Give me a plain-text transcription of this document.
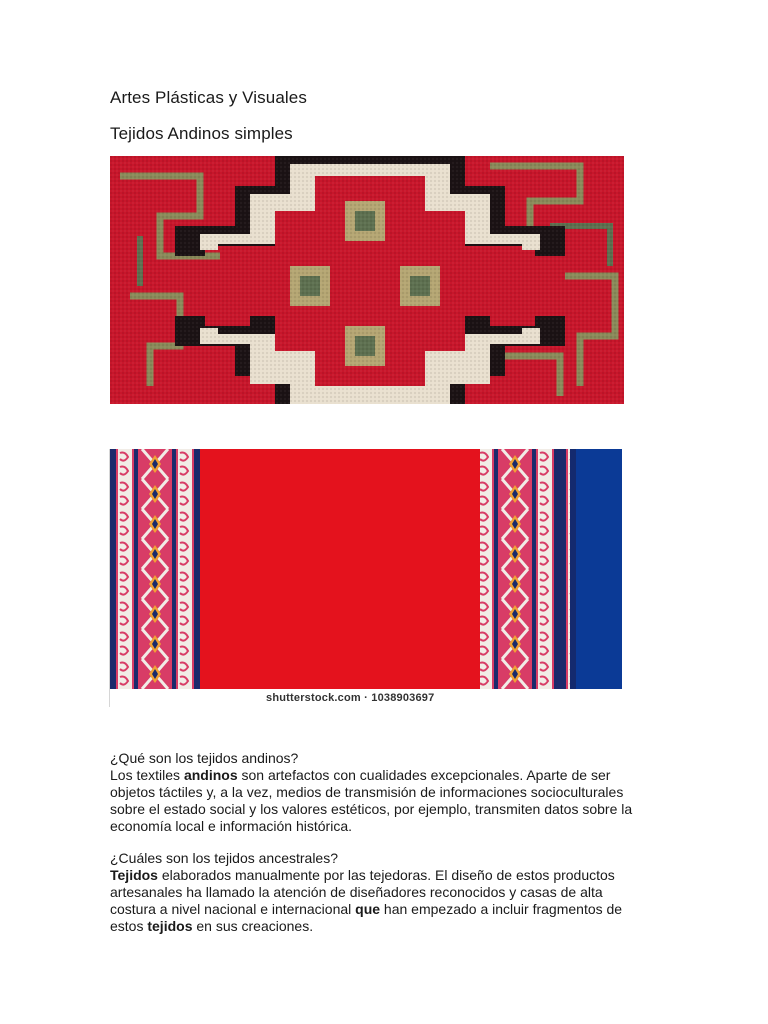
Artes Plásticas y Visuales
Tejidos Andinos simples
shutterstock.com · 1038903697
¿Qué son los tejidos andinos?
Los textiles andinos son artefactos con cualidades excepcionales. Aparte de ser objetos táctiles y, a la vez, medios de transmisión de informaciones socioculturales sobre el estado social y los valores estéticos, por ejemplo, transmiten datos sobre la economía local e información histórica.
¿Cuáles son los tejidos ancestrales?
Tejidos elaborados manualmente por las tejedoras. El diseño de estos productos artesanales ha llamado la atención de diseñadores reconocidos y casas de alta costura a nivel nacional e internacional que han empezado a incluir fragmentos de estos tejidos en sus creaciones.
